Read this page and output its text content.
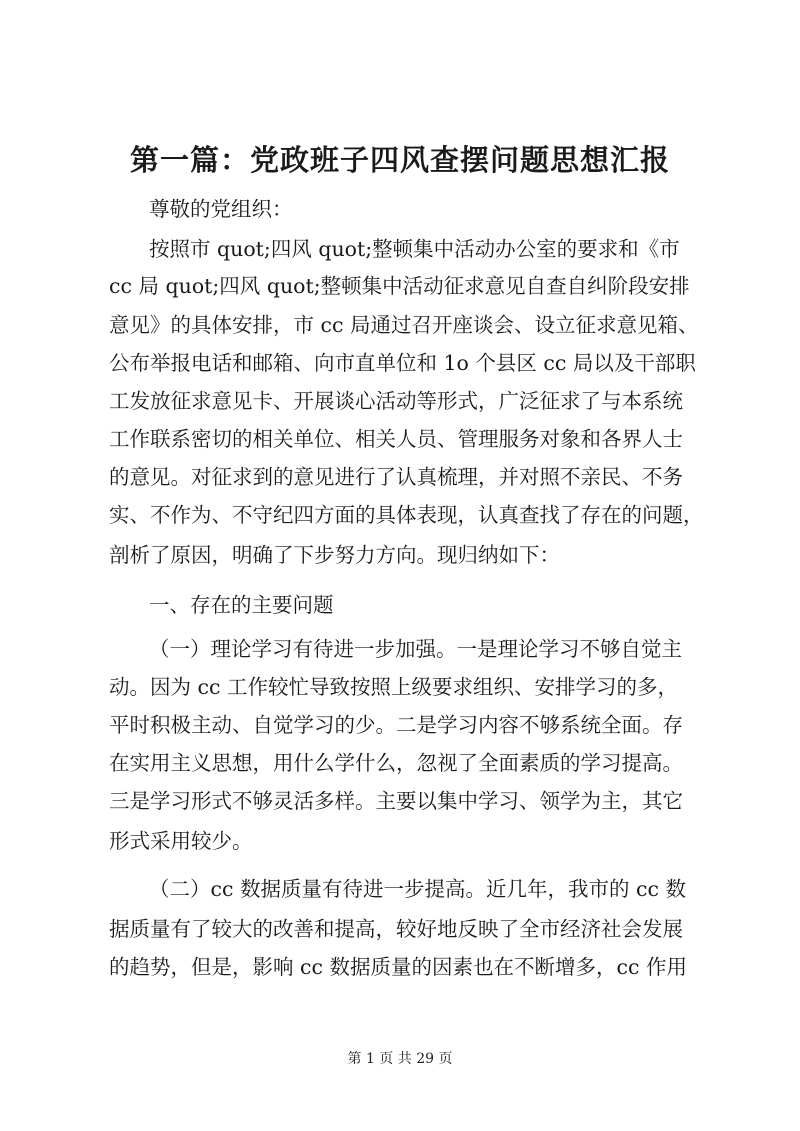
第一篇：党政班子四风查摆问题思想汇报
尊敬的党组织：
按照市 quot;四风 quot;整顿集中活动办公室的要求和《市
cc 局 quot;四风 quot;整顿集中活动征求意见自查自纠阶段安排
意见》的具体安排，市 cc 局通过召开座谈会、设立征求意见箱、
公布举报电话和邮箱、向市直单位和 1o 个县区 cc 局以及干部职
工发放征求意见卡、开展谈心活动等形式，广泛征求了与本系统
工作联系密切的相关单位、相关人员、管理服务对象和各界人士
的意见。对征求到的意见进行了认真梳理，并对照不亲民、不务
实、不作为、不守纪四方面的具体表现，认真查找了存在的问题，
剖析了原因，明确了下步努力方向。现归纳如下：
一、存在的主要问题
（一）理论学习有待进一步加强。一是理论学习不够自觉主
动。因为 cc 工作较忙导致按照上级要求组织、安排学习的多，
平时积极主动、自觉学习的少。二是学习内容不够系统全面。存
在实用主义思想，用什么学什么，忽视了全面素质的学习提高。
三是学习形式不够灵活多样。主要以集中学习、领学为主，其它
形式采用较少。
（二）cc 数据质量有待进一步提高。近几年，我市的 cc 数
据质量有了较大的改善和提高，较好地反映了全市经济社会发展
的趋势，但是，影响 cc 数据质量的因素也在不断增多，cc 作用
第 1 页 共 29 页
